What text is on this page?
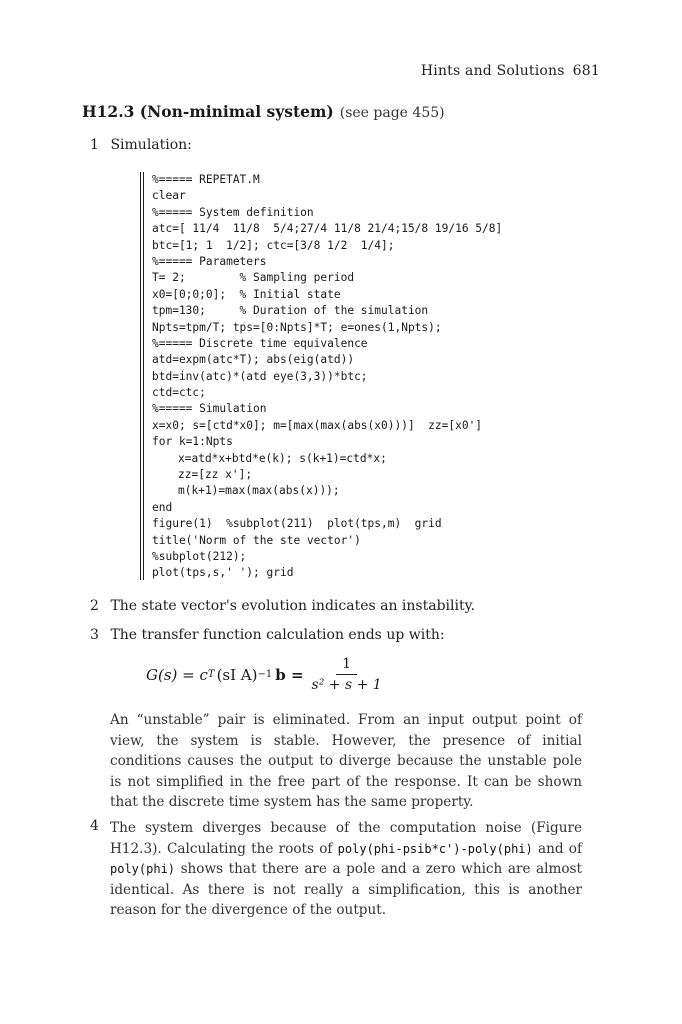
Hints and Solutions 681
H12.3 (Non-minimal system) (see page 455)
1 Simulation:
%===== REPETAT.M
clear
%===== System definition
atc=[ 11/4  11/8  5/4;27/4 11/8 21/4;15/8 19/16 5/8]
btc=[1; 1  1/2]; ctc=[3/8 1/2  1/4];
%===== Parameters
T= 2;        % Sampling period
x0=[0;0;0];  % Initial state
tpm=130;     % Duration of the simulation
Npts=tpm/T; tps=[0:Npts]*T; e=ones(1,Npts);
%===== Discrete time equivalence
atd=expm(atc*T); abs(eig(atd))
btd=inv(atc)*(atd eye(3,3))*btc;
ctd=ctc;
%===== Simulation
x=x0; s=[ctd*x0]; m=[max(max(abs(x0)))]  zz=[x0']
for k=1:Npts
x=atd*x+btd*e(k); s(k+1)=ctd*x;
zz=[zz x'];
m(k+1)=max(max(abs(x)));
end
figure(1)  %subplot(211)  plot(tps,m)  grid
title('Norm of the ste vector')
%subplot(212);
plot(tps,s,' '); grid
2 The state vector's evolution indicates an instability.
3 The transfer function calculation ends up with:
G(s) = c T (sI A) −1 $b = \frac{1}{\text{s² + s + 1}}$
An “unstable” pair is eliminated. From an input output point of view, the system is stable. However, the presence of initial conditions causes the output to diverge because the unstable pole is not simplified in the free part of the response. It can be shown that the discrete time system has the same property.
4 The system diverges because of the computation noise (Figure H12.3). Calculating the roots of poly(phi-psib*c')-poly(phi) and of poly(phi) shows that there are a pole and a zero which are almost identical. As there is not really a simplification, this is another reason for the divergence of the output.
